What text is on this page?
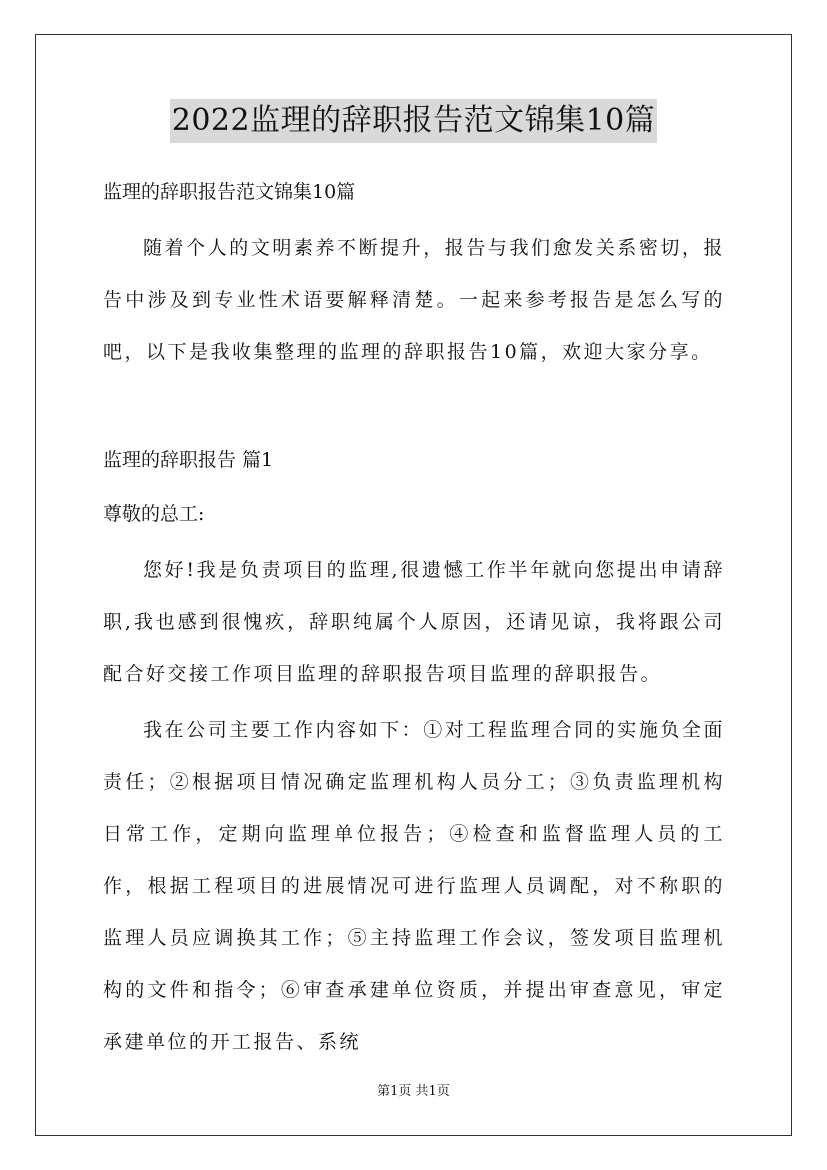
2022监理的辞职报告范文锦集10篇
监理的辞职报告范文锦集10篇
随着个人的文明素养不断提升，报告与我们愈发关系密切，报告中涉及到专业性术语要解释清楚。一起来参考报告是怎么写的吧，以下是我收集整理的监理的辞职报告10篇，欢迎大家分享。
监理的辞职报告 篇1
尊敬的总工:
您好!我是负责项目的监理,很遗憾工作半年就向您提出申请辞职,我也感到很愧疚，辞职纯属个人原因，还请见谅，我将跟公司配合好交接工作项目监理的辞职报告项目监理的辞职报告。
我在公司主要工作内容如下：①对工程监理合同的实施负全面责任；②根据项目情况确定监理机构人员分工；③负责监理机构日常工作，定期向监理单位报告；④检查和监督监理人员的工作，根据工程项目的进展情况可进行监理人员调配，对不称职的监理人员应调换其工作；⑤主持监理工作会议，签发项目监理机构的文件和指令；⑥审查承建单位资质，并提出审查意见，审定承建单位的开工报告、系统
第1页 共1页
